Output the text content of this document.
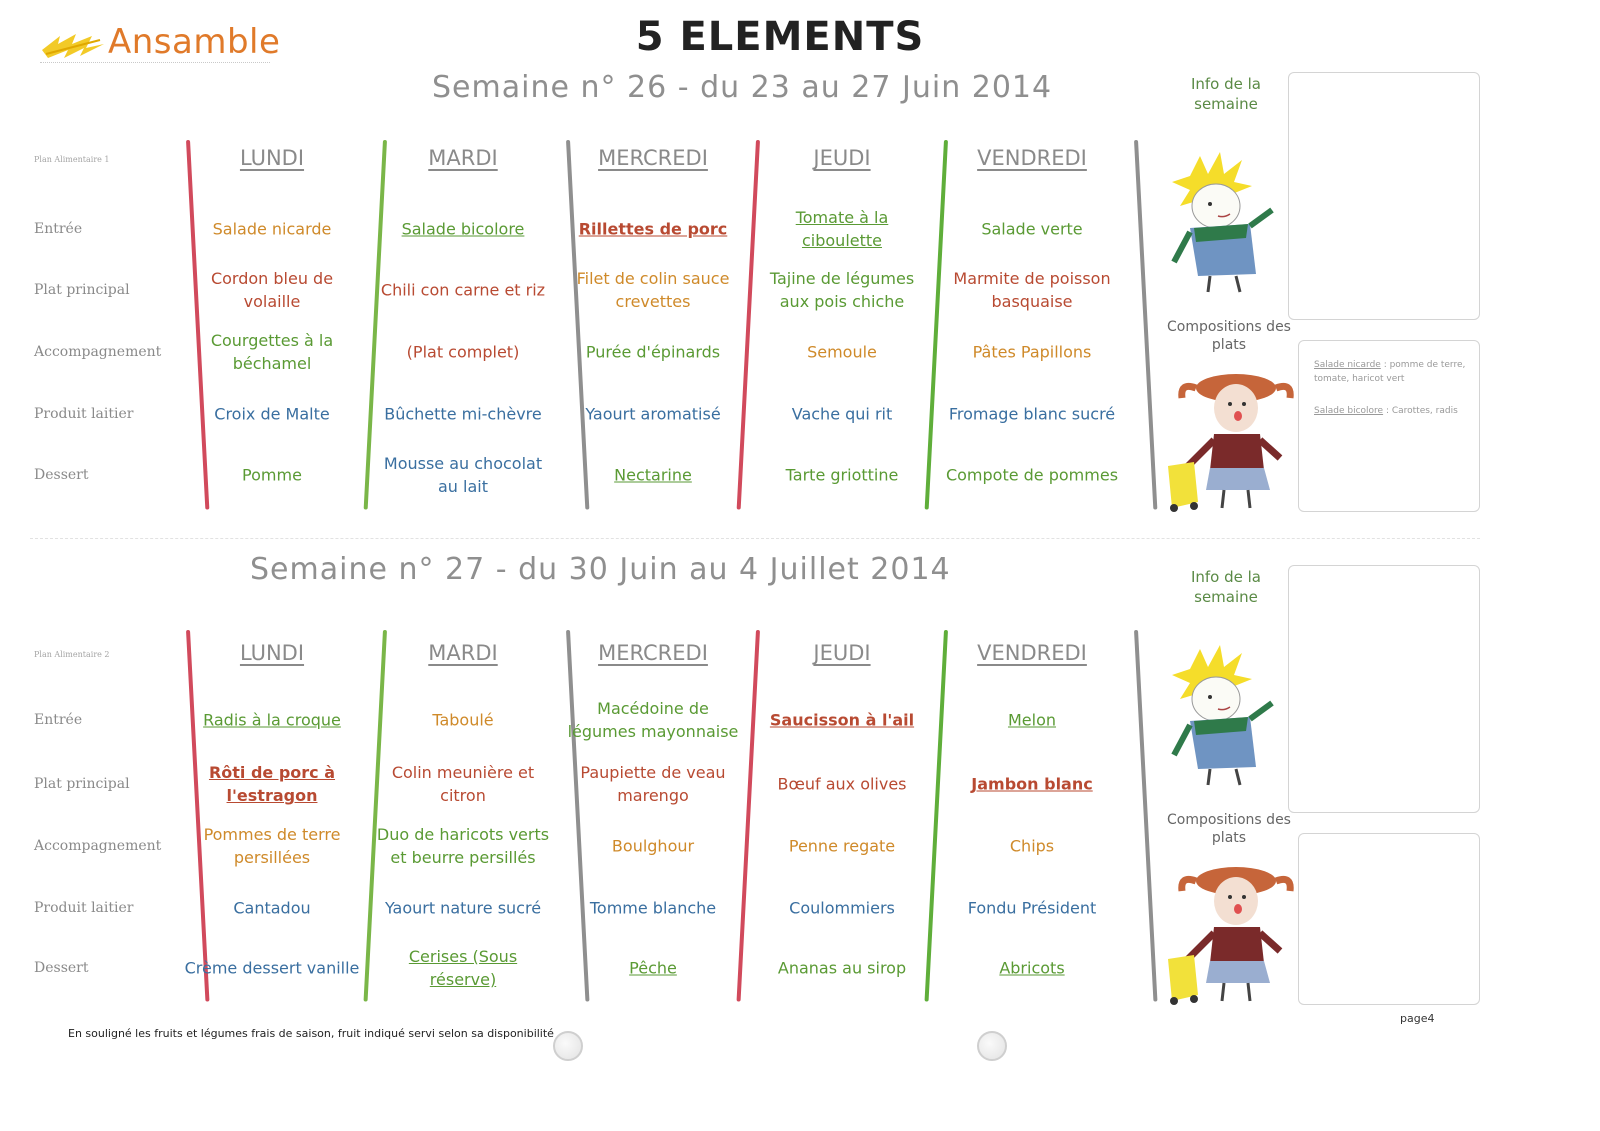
Ansamble	5 ELEMENTS
Semaine n° 26 - du 23 au 27 Juin 2014
Plan Alimentaire 1
Entrée
Plat principal
Accompagnement
Produit laitier
Dessert
LUNDI
Salade nicarde
Cordon bleu de volaille
Courgettes à la béchamel
Croix de Malte
Pomme
MARDI
Salade bicolore
Chili con carne et riz
(Plat complet)
Bûchette mi-chèvre
Mousse au chocolat au lait
MERCREDI
Rillettes de porc
Filet de colin sauce crevettes
Purée d'épinards
Yaourt aromatisé
Nectarine
JEUDI
Tomate à la ciboulette
Tajine de légumes aux pois chiche
Semoule
Vache qui rit
Tarte griottine
VENDREDI
Salade verte
Marmite de poisson basquaise
Pâtes Papillons
Fromage blanc sucré
Compote de pommes
Info de la semaine
Compositions des plats
Salade nicarde : pomme de terre, tomate, haricot vert
Salade bicolore : Carottes, radis
Semaine n° 27 - du 30 Juin au 4 Juillet 2014
Plan Alimentaire 2
Entrée
Plat principal
Accompagnement
Produit laitier
Dessert
LUNDI
Radis à la croque
Rôti de porc à l'estragon
Pommes de terre persillées
Cantadou
Crème dessert vanille
MARDI
Taboulé
Colin meunière et citron
Duo de haricots verts et beurre persillés
Yaourt nature sucré
Cerises (Sous réserve)
MERCREDI
Macédoine de légumes mayonnaise
Paupiette de veau marengo
Boulghour
Tomme blanche
Pêche
JEUDI
Saucisson à l'ail
Bœuf aux olives
Penne regate
Coulommiers
Ananas au sirop
VENDREDI
Melon
Jambon blanc
Chips
Fondu Président
Abricots
Info de la semaine
Compositions des plats
En souligné les fruits et légumes frais de saison, fruit indiqué servi selon sa disponibilité
page4
